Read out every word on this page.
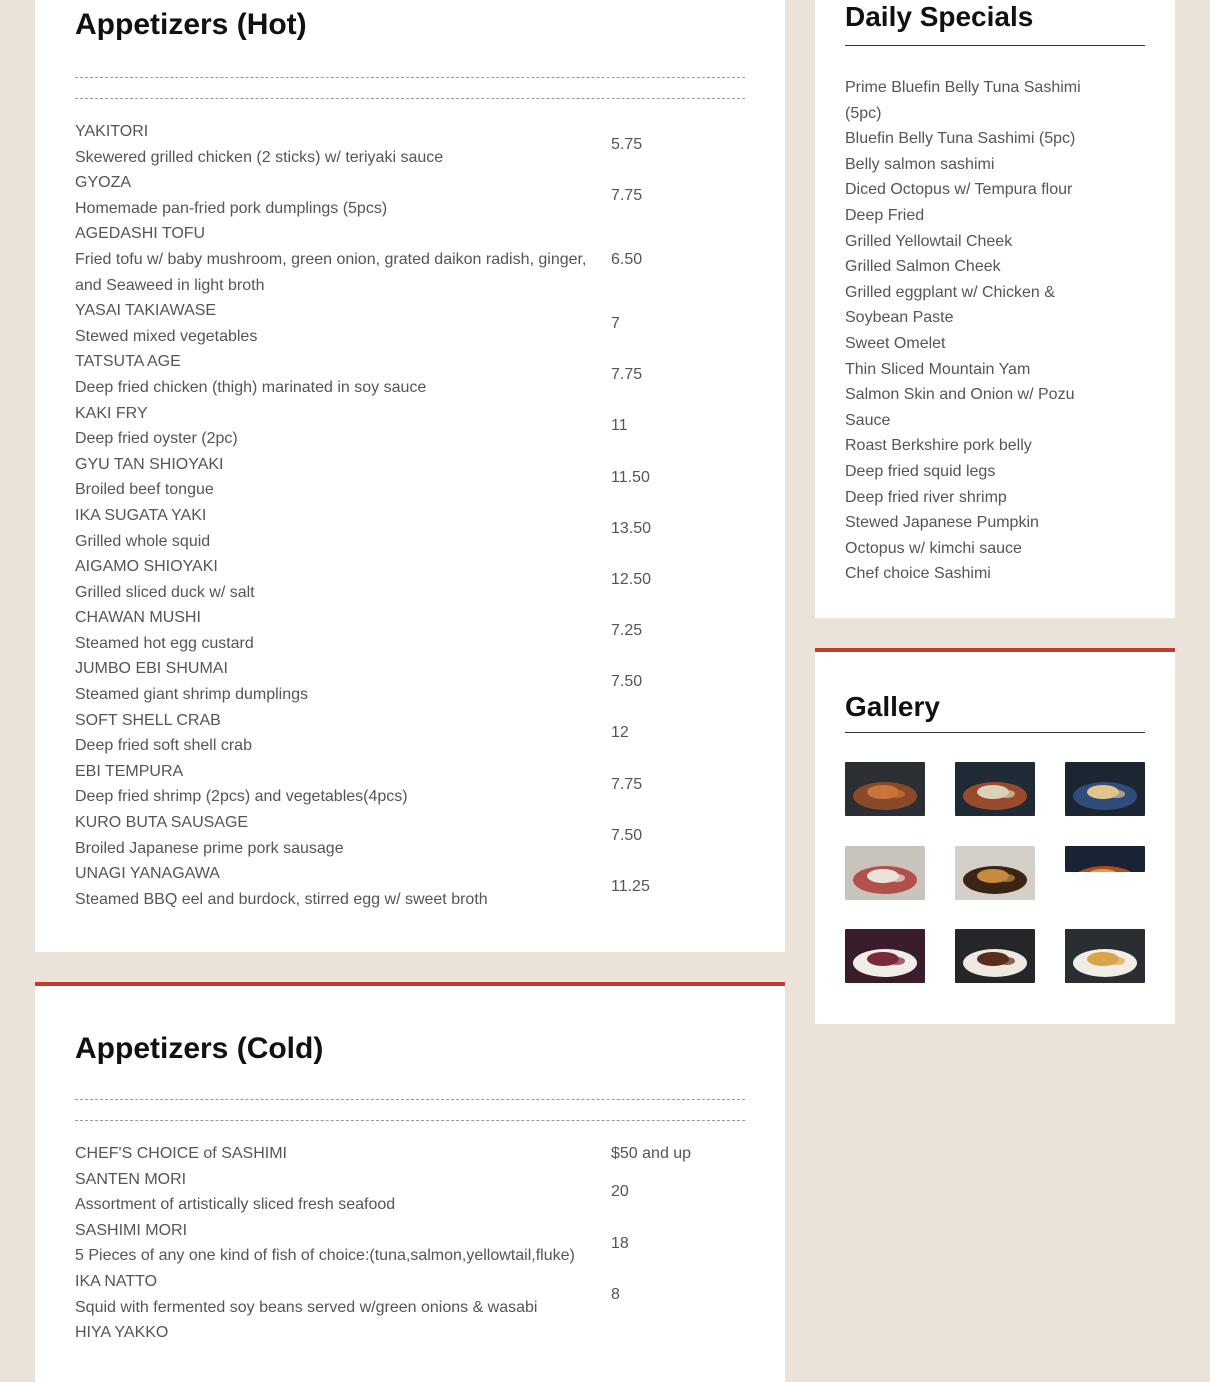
Appetizers (Hot)
YAKITORI
Skewered grilled chicken (2 sticks) w/ teriyaki sauce	5.75

GYOZA
Homemade pan-fried pork dumplings (5pcs)	7.75

AGEDASHI TOFU
Fried tofu w/ baby mushroom, green onion, grated daikon radish, ginger, and Seaweed in light broth	6.50

YASAI TAKIAWASE
Stewed mixed vegetables	7

TATSUTA AGE
Deep fried chicken (thigh) marinated in soy sauce	7.75

KAKI FRY
Deep fried oyster (2pc)	11

GYU TAN SHIOYAKI
Broiled beef tongue	11.50

IKA SUGATA YAKI
Grilled whole squid	13.50

AIGAMO SHIOYAKI
Grilled sliced duck w/ salt	12.50

CHAWAN MUSHI
Steamed hot egg custard	7.25

JUMBO EBI SHUMAI
Steamed giant shrimp dumplings	7.50

SOFT SHELL CRAB
Deep fried soft shell crab	12

EBI TEMPURA
Deep fried shrimp (2pcs) and vegetables(4pcs)	7.75

KURO BUTA SAUSAGE
Broiled Japanese prime pork sausage	7.50

UNAGI YANAGAWA
Steamed BBQ eel and burdock, stirred egg w/ sweet broth	11.25
Appetizers (Cold)
CHEF'S CHOICE of SASHIMI	$50 and up

SANTEN MORI
Assortment of artistically sliced fresh seafood	20

SASHIMI MORI
5 Pieces of any one kind of fish of choice:(tuna,salmon,yellowtail,fluke)	18

IKA NATTO
Squid with fermented soy beans served w/green onions & wasabi	8

HIYA YAKKO	

Daily Specials
Prime Bluefin Belly Tuna Sashimi (5pc)
Bluefin Belly Tuna Sashimi (5pc)
Belly salmon sashimi
Diced Octopus w/ Tempura flour Deep Fried
Grilled Yellowtail Cheek
Grilled Salmon Cheek
Grilled eggplant w/ Chicken & Soybean Paste
Sweet Omelet
Thin Sliced Mountain Yam
Salmon Skin and Onion w/ Pozu Sauce
Roast Berkshire pork belly
Deep fried squid legs
Deep fried river shrimp
Stewed Japanese Pumpkin
Octopus w/ kimchi sauce
Chef choice Sashimi
Gallery
